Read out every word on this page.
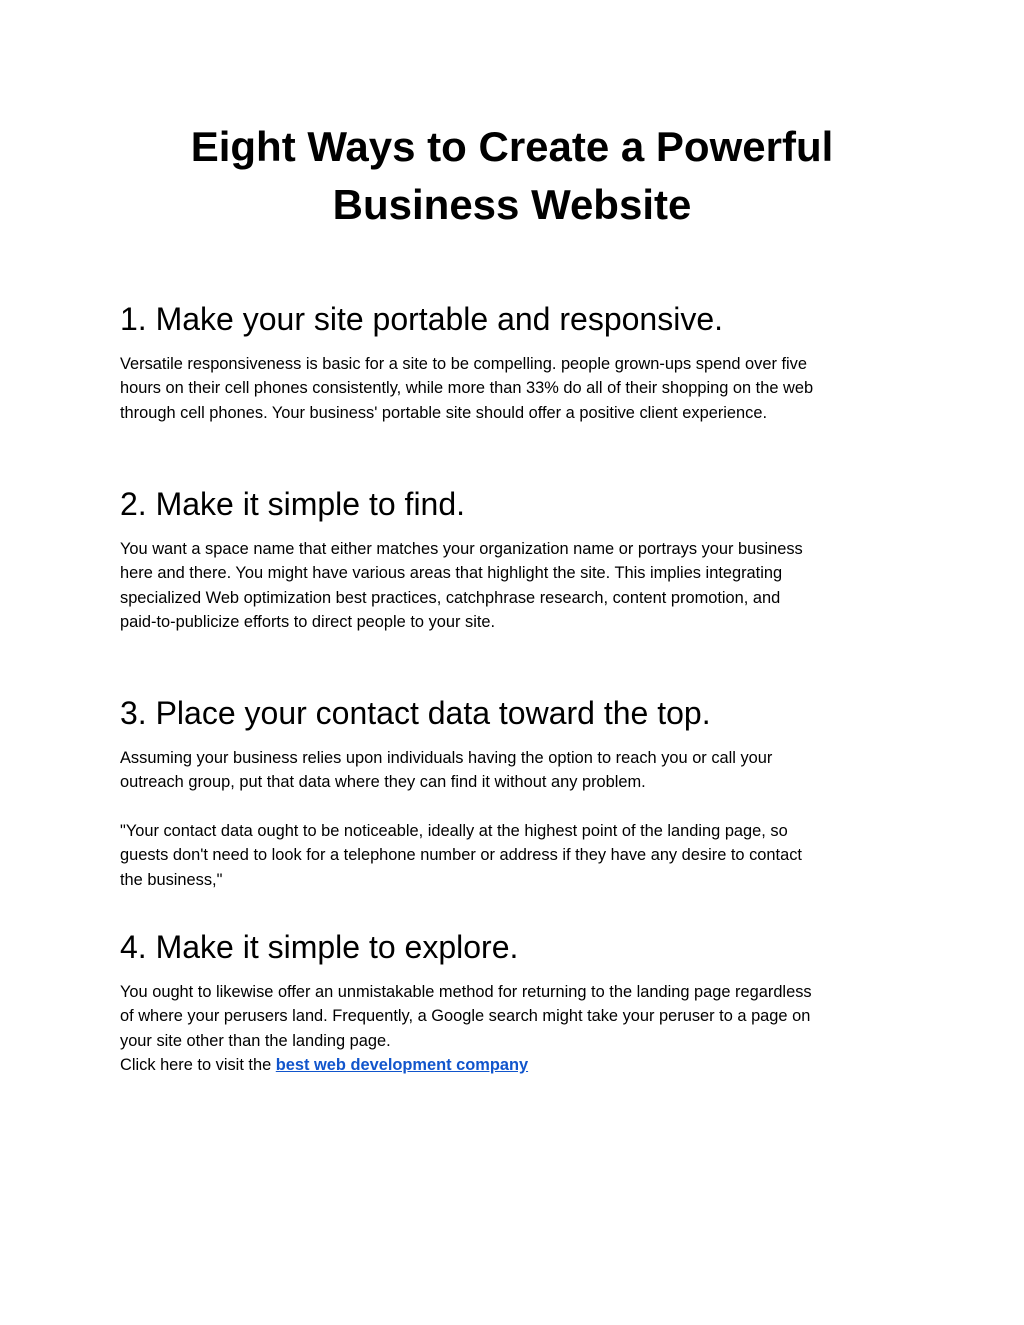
Eight Ways to Create a Powerful
Business Website
1. Make your site portable and responsive.

Versatile responsiveness is basic for a site to be compelling. people grown-ups spend over five
hours on their cell phones consistently, while more than 33% do all of their shopping on the web
through cell phones. Your business' portable site should offer a positive client experience.

2. Make it simple to find.

You want a space name that either matches your organization name or portrays your business
here and there. You might have various areas that highlight the site. This implies integrating
specialized Web optimization best practices, catchphrase research, content promotion, and
paid-to-publicize efforts to direct people to your site.

3. Place your contact data toward the top.

Assuming your business relies upon individuals having the option to reach you or call your
outreach group, put that data where they can find it without any problem.

"Your contact data ought to be noticeable, ideally at the highest point of the landing page, so
guests don't need to look for a telephone number or address if they have any desire to contact
the business,"

4. Make it simple to explore.

You ought to likewise offer an unmistakable method for returning to the landing page regardless
of where your perusers land. Frequently, a Google search might take your peruser to a page on
your site other than the landing page.
Click here to visit the best web development company
